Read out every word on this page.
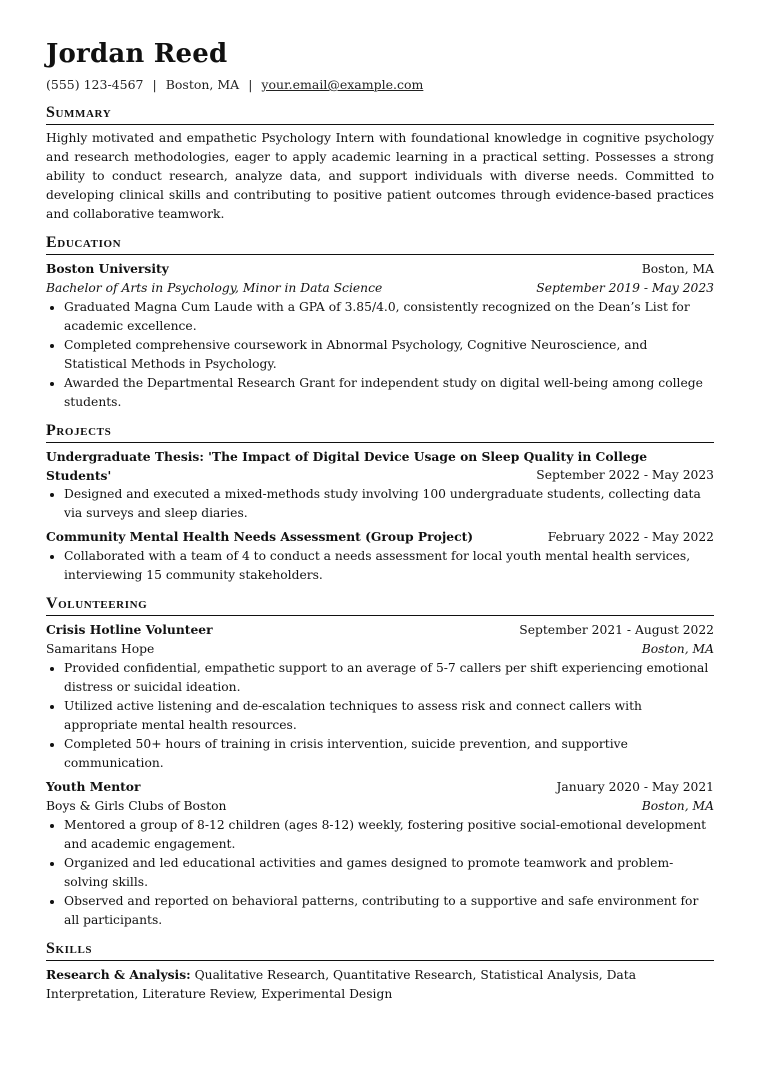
Jordan Reed
(555) 123-4567 | Boston, MA | your.email@example.com
Summary

Highly motivated and empathetic Psychology Intern with foundational knowledge in cognitive psychology and research methodologies, eager to apply academic learning in a practical setting. Possesses a strong ability to conduct research, analyze data, and support individuals with diverse needs. Committed to developing clinical skills and contributing to positive patient outcomes through evidence-based practices and collaborative teamwork.

Education
Boston University	Boston, MA
Bachelor of Arts in Psychology, Minor in Data Science	September 2019 - May 2023
• Graduated Magna Cum Laude with a GPA of 3.85/4.0, consistently recognized on the Dean’s List for academic excellence.
• Completed comprehensive coursework in Abnormal Psychology, Cognitive Neuroscience, and Statistical Methods in Psychology.
• Awarded the Departmental Research Grant for independent study on digital well-being among college students.
Projects
Undergraduate Thesis: 'The Impact of Digital Device Usage on Sleep Quality in College Students'	September 2022 - May 2023
• Designed and executed a mixed-methods study involving 100 undergraduate students, collecting data via surveys and sleep diaries.
Community Mental Health Needs Assessment (Group Project)	February 2022 - May 2022
• Collaborated with a team of 4 to conduct a needs assessment for local youth mental health services, interviewing 15 community stakeholders.
Volunteering
Crisis Hotline Volunteer	September 2021 - August 2022
Samaritans Hope	Boston, MA
• Provided confidential, empathetic support to an average of 5-7 callers per shift experiencing emotional distress or suicidal ideation.
• Utilized active listening and de-escalation techniques to assess risk and connect callers with appropriate mental health resources.
• Completed 50+ hours of training in crisis intervention, suicide prevention, and supportive communication.
Youth Mentor	January 2020 - May 2021
Boys & Girls Clubs of Boston	Boston, MA
• Mentored a group of 8-12 children (ages 8-12) weekly, fostering positive social-emotional development and academic engagement.
• Organized and led educational activities and games designed to promote teamwork and problem-solving skills.
• Observed and reported on behavioral patterns, contributing to a supportive and safe environment for all participants.
Skills

Research & Analysis: Qualitative Research, Quantitative Research, Statistical Analysis, Data Interpretation, Literature Review, Experimental Design
